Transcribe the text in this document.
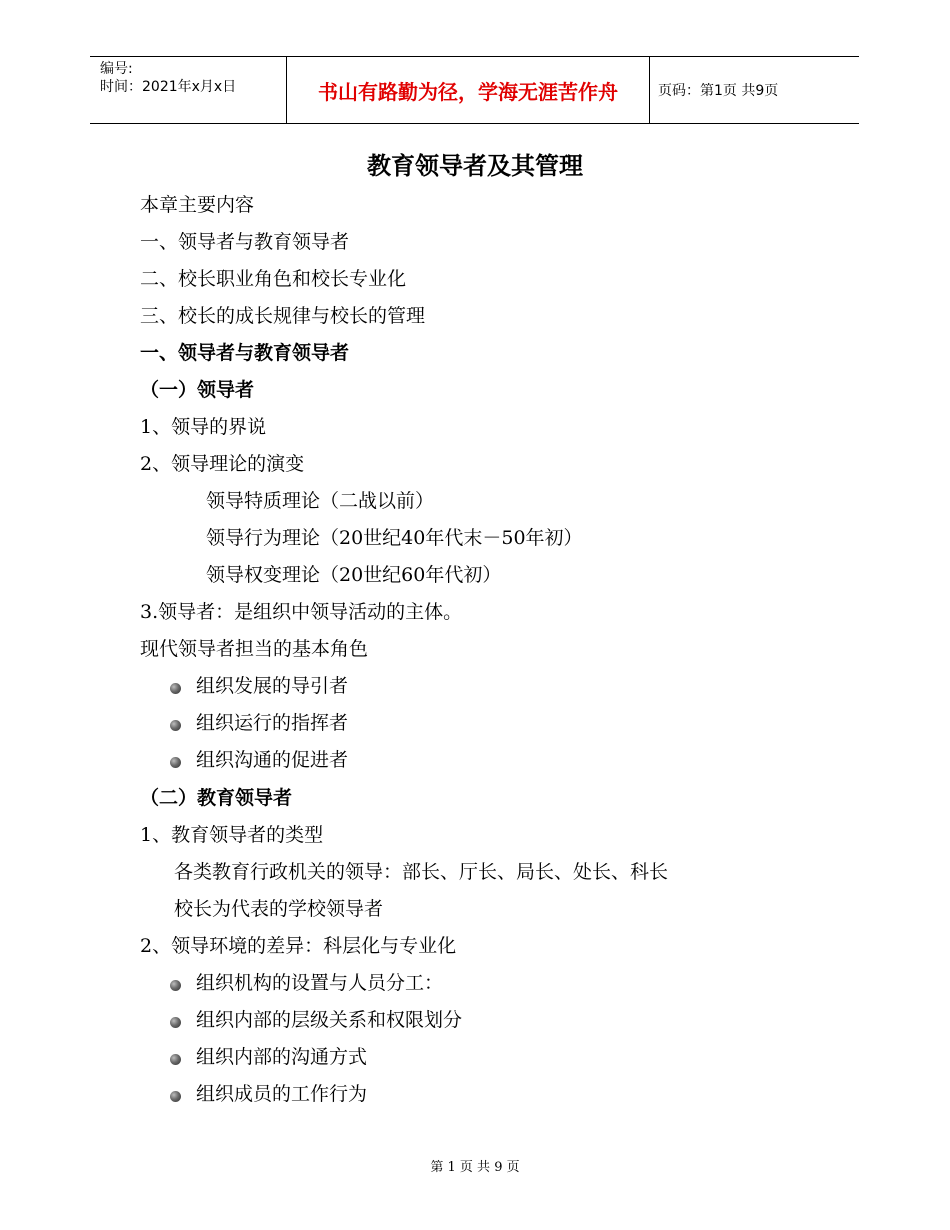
编号:
时间：2021年x月x日	书山有路勤为径，学海无涯苦作舟	页码：第1页 共9页
教育领导者及其管理
本章主要内容
一、领导者与教育领导者
二、校长职业角色和校长专业化
三、校长的成长规律与校长的管理
一、领导者与教育领导者
（一）领导者
1、领导的界说
2、领导理论的演变
领导特质理论（二战以前）
领导行为理论（20世纪40年代末－50年初）
领导权变理论（20世纪60年代初）
3.领导者：是组织中领导活动的主体。
现代领导者担当的基本角色
组织发展的导引者
组织运行的指挥者
组织沟通的促进者
（二）教育领导者
1、教育领导者的类型
各类教育行政机关的领导：部长、厅长、局长、处长、科长
校长为代表的学校领导者
2、领导环境的差异：科层化与专业化
组织机构的设置与人员分工：
组织内部的层级关系和权限划分
组织内部的沟通方式
组织成员的工作行为
第 1 页 共 9 页
